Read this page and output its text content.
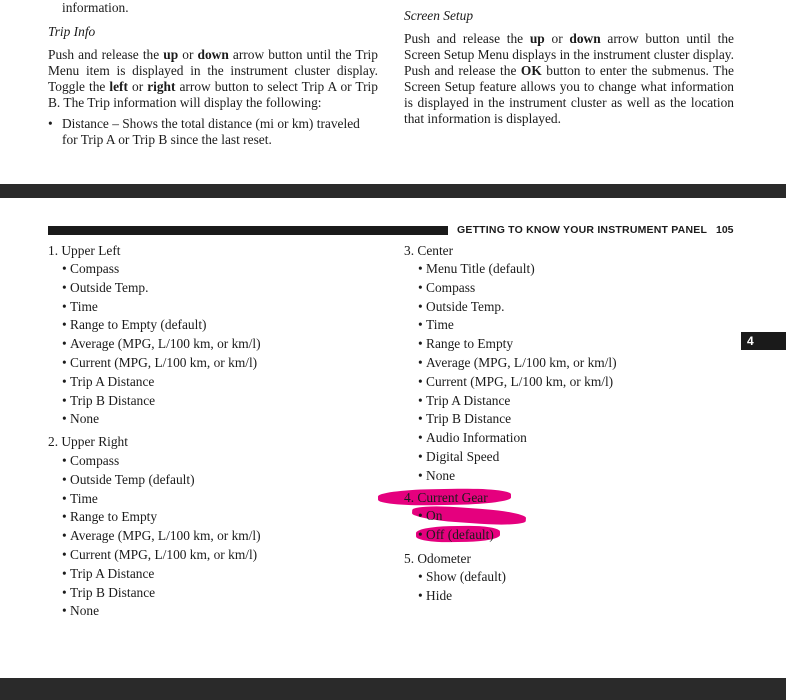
information.
Trip Info
Push and release the up or down arrow button until the Trip Menu item is displayed in the instrument cluster display. Toggle the left or right arrow button to select Trip A or Trip B. The Trip information will display the following:
• Distance – Shows the total distance (mi or km) traveled for Trip A or Trip B since the last reset.
Screen Setup
Push and release the up or down arrow button until the Screen Setup Menu displays in the instrument cluster display. Push and release the OK button to enter the submenus. The Screen Setup feature allows you to change what information is displayed in the instrument cluster as well as the location that information is displayed.
GETTING TO KNOW YOUR INSTRUMENT PANEL 105
4
1. Upper Left
• Compass
• Outside Temp.
• Time
• Range to Empty (default)
• Average (MPG, L/100 km, or km/l)
• Current (MPG, L/100 km, or km/l)
• Trip A Distance
• Trip B Distance
• None
2. Upper Right
• Compass
• Outside Temp (default)
• Time
• Range to Empty
• Average (MPG, L/100 km, or km/l)
• Current (MPG, L/100 km, or km/l)
• Trip A Distance
• Trip B Distance
• None
3. Center
• Menu Title (default)
• Compass
• Outside Temp.
• Time
• Range to Empty
• Average (MPG, L/100 km, or km/l)
• Current (MPG, L/100 km, or km/l)
• Trip A Distance
• Trip B Distance
• Audio Information
• Digital Speed
• None
4. Current Gear
• On
• Off (default)
5. Odometer
• Show (default)
• Hide
